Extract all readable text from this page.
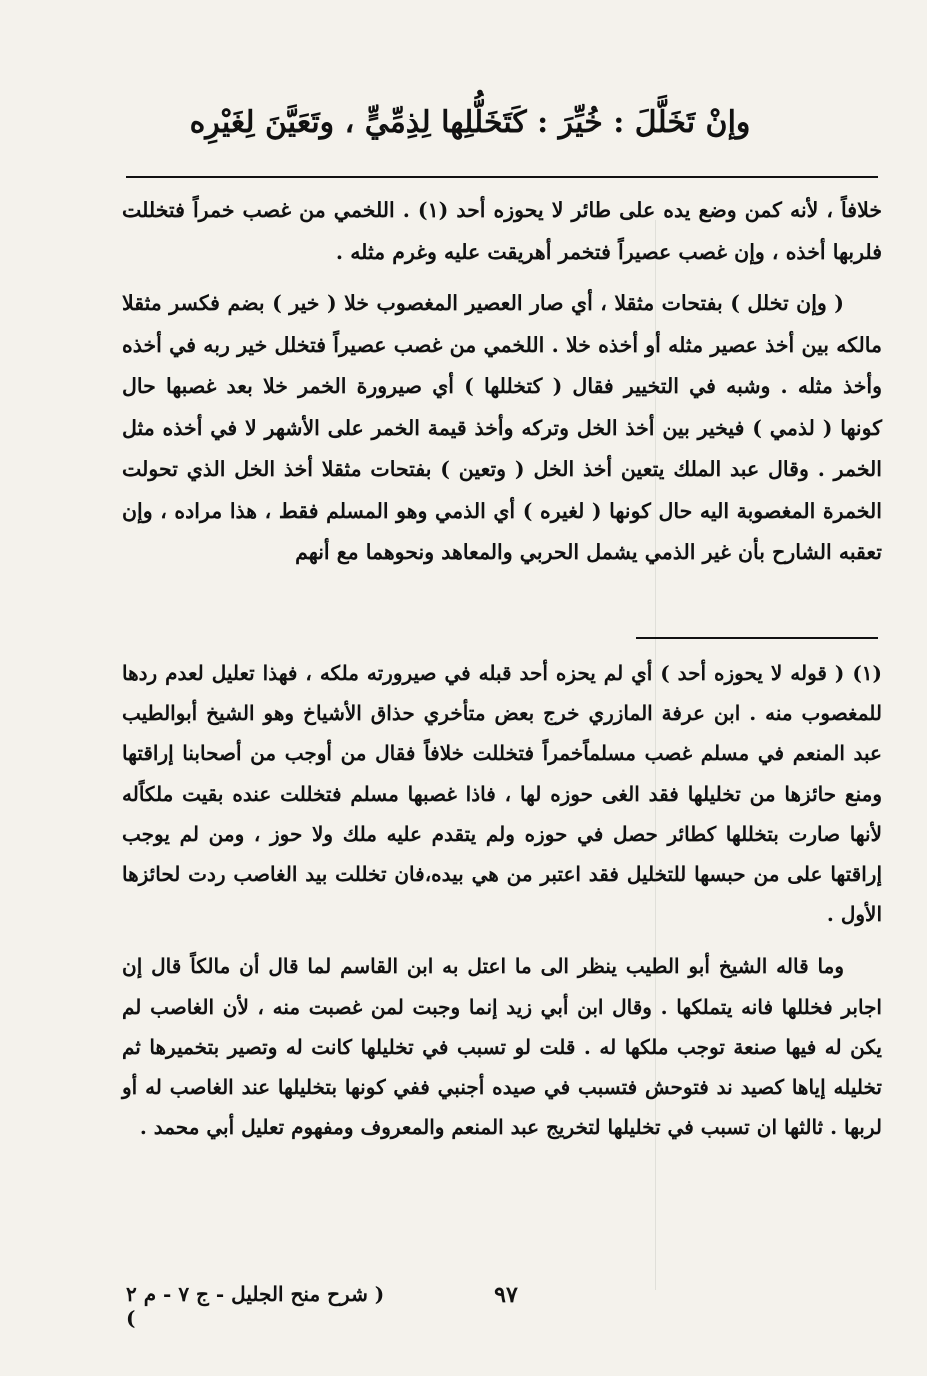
وإنْ تَخَلَّلَ : خُيِّرَ : كَتَخَلُّلِها لِذِمِّيٍّ ، وتَعَيَّنَ لِغَيْرِه

خلافاً ، لأنه كمن وضع يده على طائر لا يحوزه أحد (١) . اللخمي من غصب خمراً فتخللت فلربها أخذه ، وإن غصب عصيراً فتخمر أهريقت عليه وغرم مثله .

( وإن تخلل ) بفتحات مثقلا ، أي صار العصير المغصوب خلا ( خير ) بضم فكسر مثقلا مالكه بين أخذ عصير مثله أو أخذه خلا . اللخمي من غصب عصيراً فتخلل خير ربه في أخذه وأخذ مثله . وشبه في التخيير فقال ( كتخللها ) أي صيرورة الخمر خلا بعد غصبها حال كونها ( لذمي ) فيخير بين أخذ الخل وتركه وأخذ قيمة الخمر على الأشهر لا في أخذه مثل الخمر . وقال عبد الملك يتعين أخذ الخل ( وتعين ) بفتحات مثقلا أخذ الخل الذي تحولت الخمرة المغصوبة اليه حال كونها ( لغيره ) أي الذمي وهو المسلم فقط ، هذا مراده ، وإن تعقبه الشارح بأن غير الذمي يشمل الحربي والمعاهد ونحوهما مع أنهم

(١) ( قوله لا يحوزه أحد ) أي لم يحزه أحد قبله في صيرورته ملكه ، فهذا تعليل لعدم ردها للمغصوب منه . ابن عرفة المازري خرج بعض متأخري حذاق الأشياخ وهو الشيخ أبوالطيب عبد المنعم في مسلم غصب مسلماًخمراً فتخللت خلافاً فقال من أوجب من أصحابنا إراقتها ومنع حائزها من تخليلها فقد الغى حوزه لها ، فاذا غصبها مسلم فتخللت عنده بقيت ملكاًله لأنها صارت بتخللها كطائر حصل في حوزه ولم يتقدم عليه ملك ولا حوز ، ومن لم يوجب إراقتها على من حبسها للتخليل فقد اعتبر من هي بيده،فان تخللت بيد الغاصب ردت لحائزها الأول .

وما قاله الشيخ أبو الطيب ينظر الى ما اعتل به ابن القاسم لما قال أن مالكاً قال إن اجابر فخللها فانه يتملكها . وقال ابن أبي زيد إنما وجبت لمن غصبت منه ، لأن الغاصب لم يكن له فيها صنعة توجب ملكها له . قلت لو تسبب في تخليلها كانت له وتصير بتخميرها ثم تخليله إياها كصيد ند فتوحش فتسبب في صيده أجنبي ففي كونها بتخليلها عند الغاصب له أو لربها . ثالثها ان تسبب في تخليلها لتخريج عبد المنعم والمعروف ومفهوم تعليل أبي محمد .

٩٧
( شرح منح الجليل - ج ٧ - م ٢ )
